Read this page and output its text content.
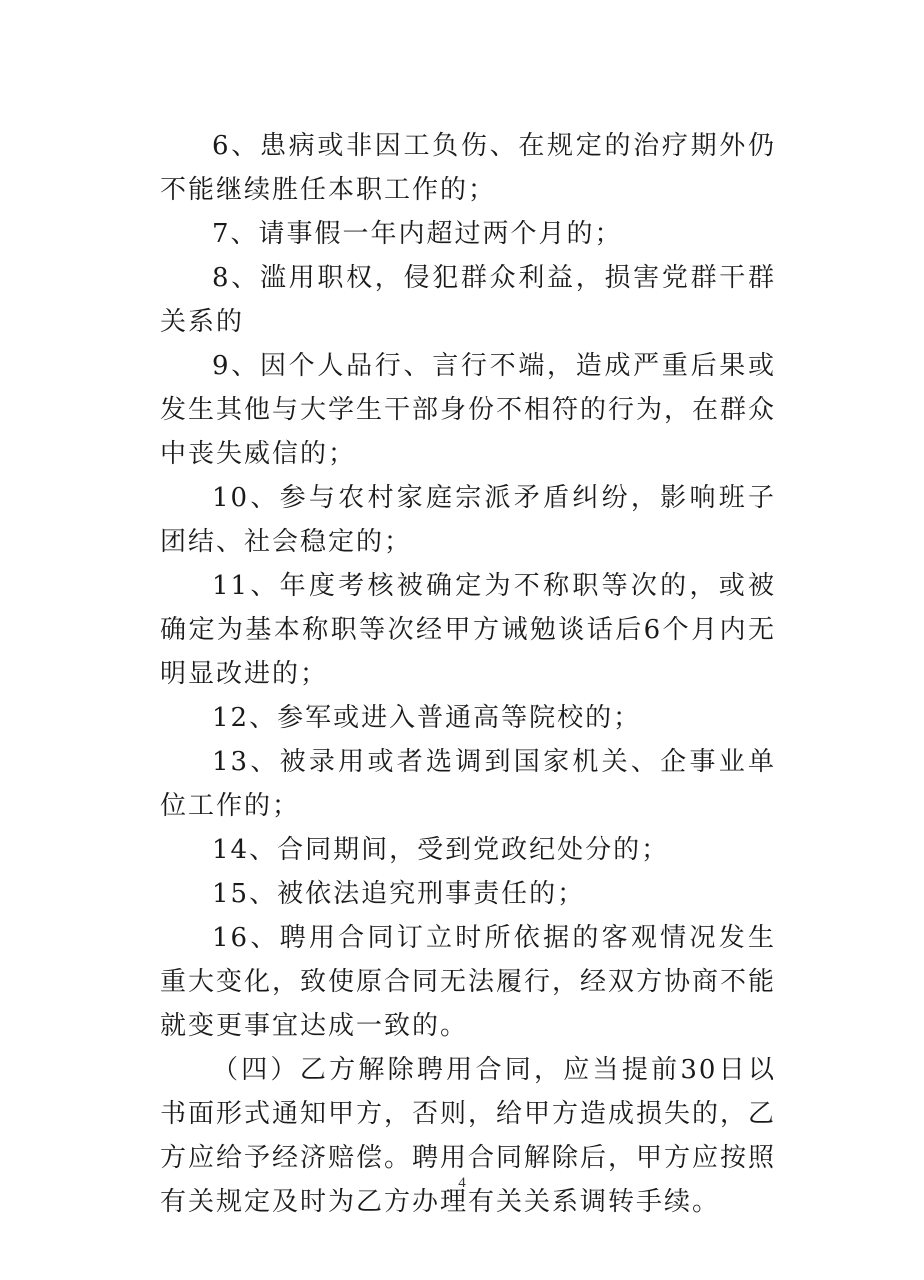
6、患病或非因工负伤、在规定的治疗期外仍不能继续胜任本职工作的；

7、请事假一年内超过两个月的；

8、滥用职权，侵犯群众利益，损害党群干群关系的

9、因个人品行、言行不端，造成严重后果或发生其他与大学生干部身份不相符的行为，在群众中丧失威信的；

10、参与农村家庭宗派矛盾纠纷，影响班子团结、社会稳定的；

11、年度考核被确定为不称职等次的，或被确定为基本称职等次经甲方诫勉谈话后6个月内无明显改进的；

12、参军或进入普通高等院校的；

13、被录用或者选调到国家机关、企事业单位工作的；

14、合同期间，受到党政纪处分的；

15、被依法追究刑事责任的；

16、聘用合同订立时所依据的客观情况发生重大变化，致使原合同无法履行，经双方协商不能就变更事宜达成一致的。

（四）乙方解除聘用合同，应当提前30日以书面形式通知甲方，否则，给甲方造成损失的，乙方应给予经济赔偿。聘用合同解除后，甲方应按照有关规定及时为乙方办理有关关系调转手续。

4
